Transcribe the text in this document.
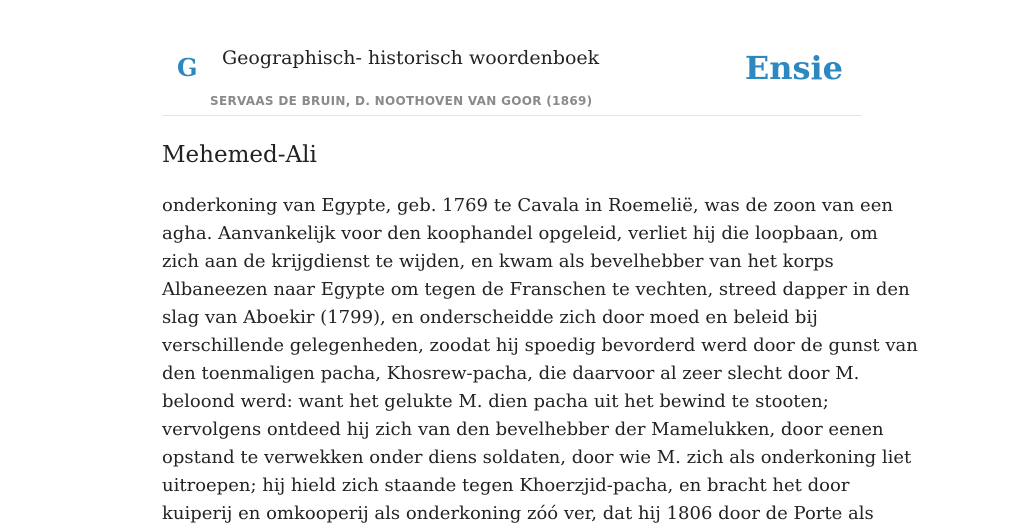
G Geographisch- historisch woordenboek
SERVAAS DE BRUIN, D. NOOTHOVEN VAN GOOR (1869)
Ensie
Mehemed-Ali
onderkoning van Egypte, geb. 1769 te Cavala in Roemelië, was de zoon van een
agha. Aanvankelijk voor den koophandel opgeleid, verliet hij die loopbaan, om
zich aan de krijgdienst te wijden, en kwam als bevelhebber van het korps
Albaneezen naar Egypte om tegen de Franschen te vechten, streed dapper in den
slag van Aboekir (1799), en onderscheidde zich door moed en beleid bij
verschillende gelegenheden, zoodat hij spoedig bevorderd werd door de gunst van
den toenmaligen pacha, Khosrew-pacha, die daarvoor al zeer slecht door M.
beloond werd: want het gelukte M. dien pacha uit het bewind te stooten;
vervolgens ontdeed hij zich van den bevelhebber der Mamelukken, door eenen
opstand te verwekken onder diens soldaten, door wie M. zich als onderkoning liet
uitroepen; hij hield zich staande tegen Khoerzjid-pacha, en bracht het door
kuiperij en omkooperij als onderkoning zóó ver, dat hij 1806 door de Porte als
